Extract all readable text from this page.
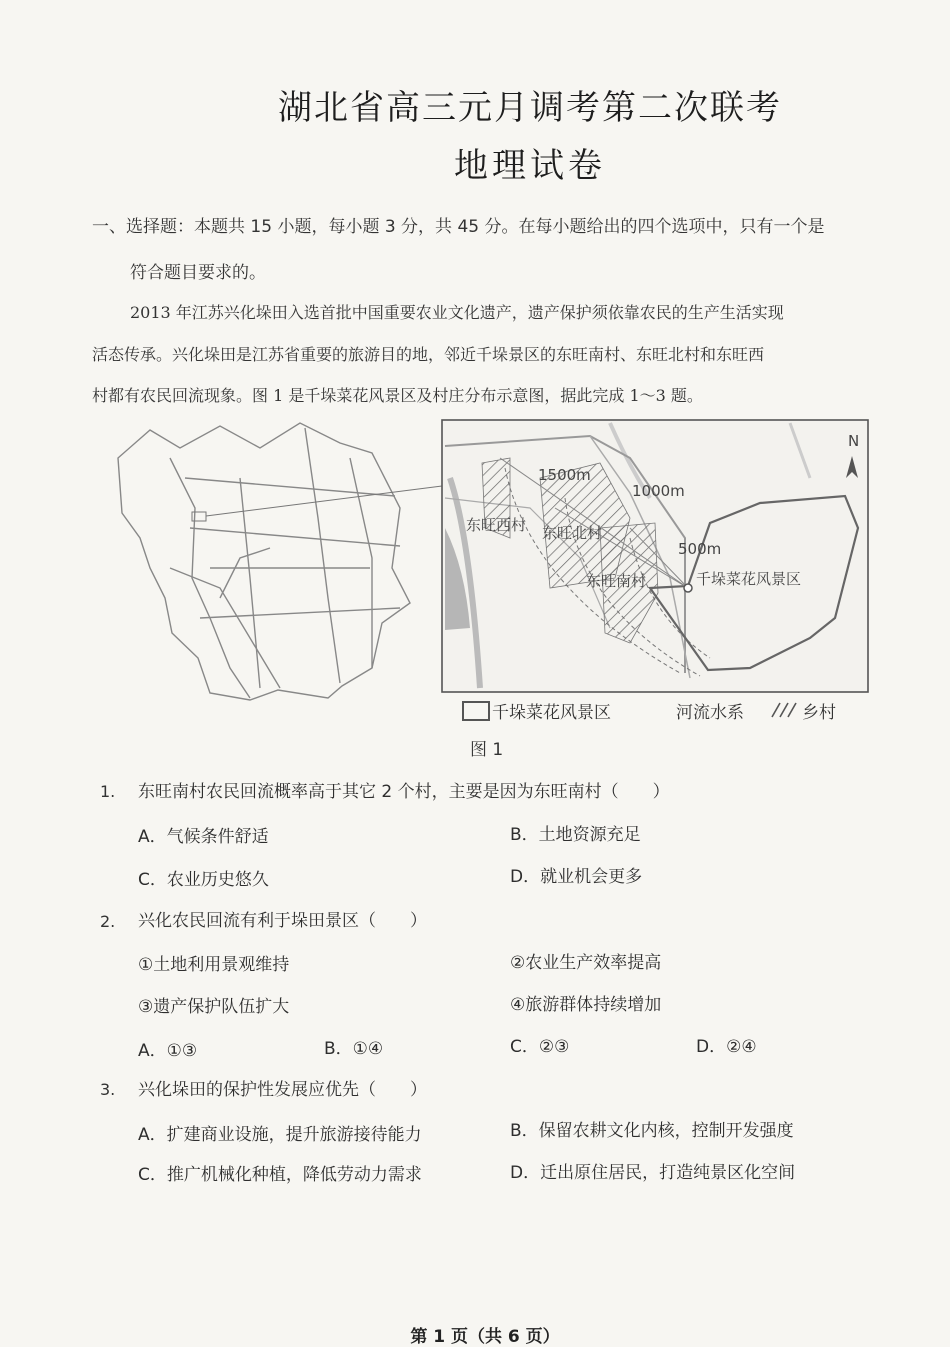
湖北省高三元月调考第二次联考
地理试卷
一、选择题：本题共 15 小题，每小题 3 分，共 45 分。在每小题给出的四个选项中，只有一个是
符合题目要求的。
2013 年江苏兴化垛田入选首批中国重要农业文化遗产，遗产保护须依靠农民的生产生活实现
活态传承。兴化垛田是江苏省重要的旅游目的地，邻近千垛景区的东旺南村、东旺北村和东旺西
村都有农民回流现象。图 1 是千垛菜花风景区及村庄分布示意图，据此完成 1～3 题。
N
1500m
1000m
500m
东旺西村 东旺北村
东旺南村	千垛菜花风景区
千垛菜花风景区	河流水系	乡村
图 1
1. 东旺南村农民回流概率高于其它 2 个村，主要是因为东旺南村（　　）
A．气候条件舒适	B．土地资源充足
C．农业历史悠久	D．就业机会更多
2. 兴化农民回流有利于垛田景区（　　）
①土地利用景观维持	②农业生产效率提高
③遗产保护队伍扩大	④旅游群体持续增加
A．①③	B．①④	C．②③	D．②④
3. 兴化垛田的保护性发展应优先（　　）
A．扩建商业设施，提升旅游接待能力	B．保留农耕文化内核，控制开发强度
C．推广机械化种植，降低劳动力需求	D．迁出原住居民，打造纯景区化空间
第 1 页（共 6 页）
